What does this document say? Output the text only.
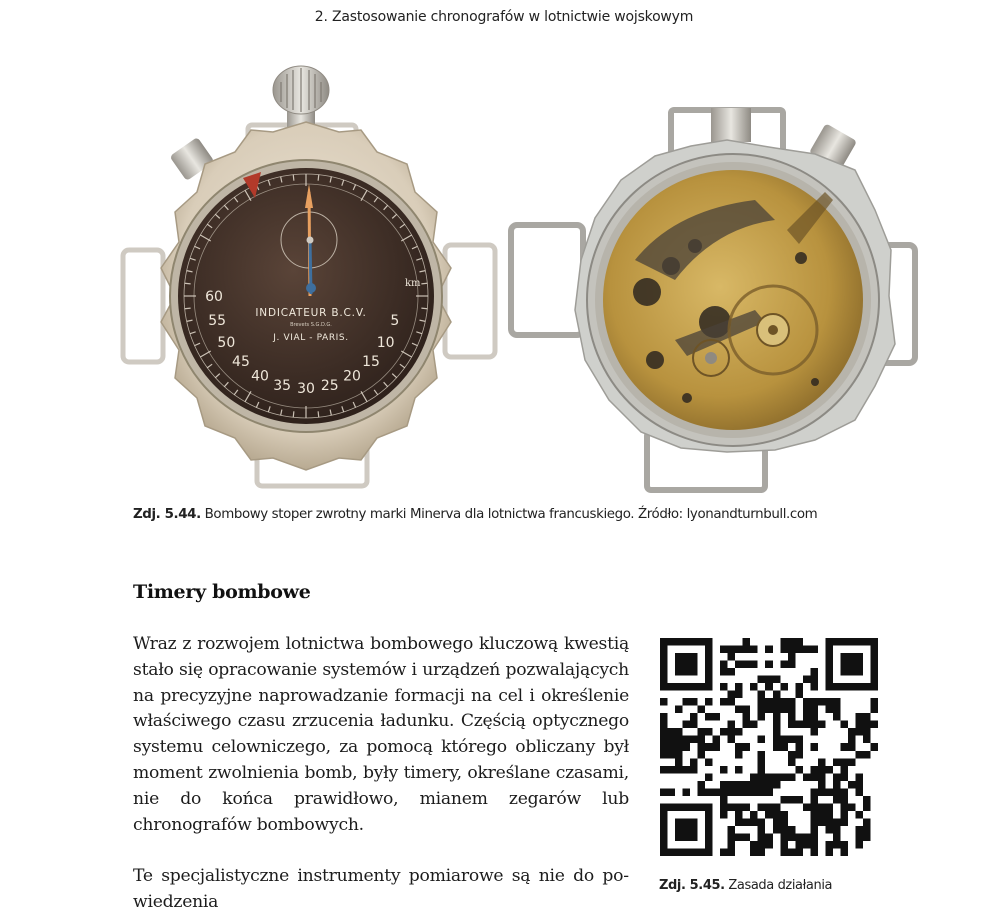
2. Zastosowanie chronografów w lotnictwie wojskowym
5
10
15
20
25
30
35
40
45
50
55
60
INDICATEUR B.C.V.
Brevets S.G.D.G.
J. VIAL - PARIS.
km
Zdj. 5.44. Bombowy stoper zwrotny marki Minerva dla lotnictwa francuskiego. Źródło: lyonandturnbull.com
Timery bombowe
Wraz z rozwojem lotnictwa bombowego kluczową kwestią stało się opracowanie systemów i urządzeń pozwalających na precyzyjne naprowadzanie formacji na cel i określenie właściwego czasu zrzucenia ładunku. Częścią optycznego systemu celowniczego, za pomocą którego obliczany był moment zwolnienia bomb, były timery, określane czasami, nie do końca prawidłowo, mianem zegarów lub chronografów bombowych.
Te specjalistyczne instrumenty pomiarowe są nie do powiedzenia
Zdj. 5.45. Zasada działania
